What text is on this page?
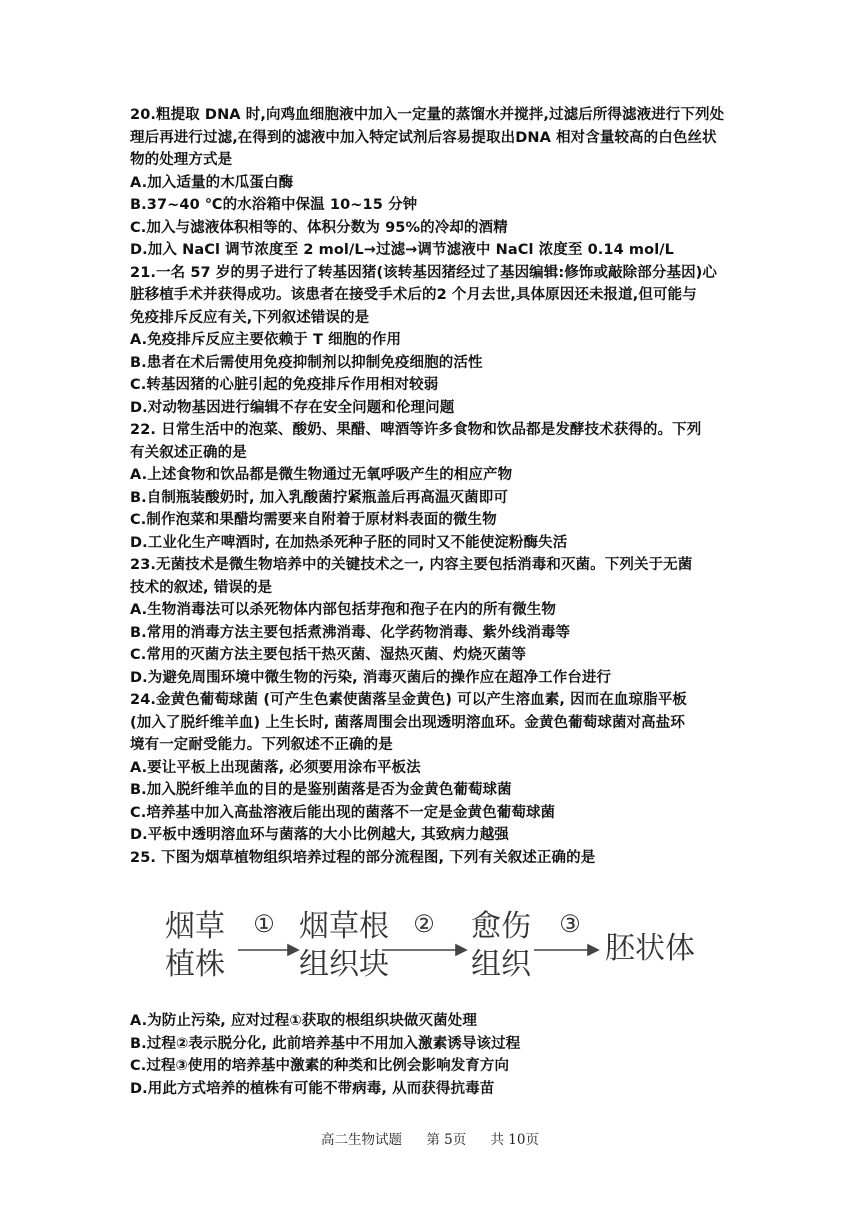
20.粗提取 DNA 时,向鸡血细胞液中加入一定量的蒸馏水并搅拌,过滤后所得滤液进行下列处
理后再进行过滤,在得到的滤液中加入特定试剂后容易提取出DNA 相对含量较高的白色丝状
物的处理方式是
A.加入适量的木瓜蛋白酶
B.37~40 ℃的水浴箱中保温 10~15 分钟
C.加入与滤液体积相等的、体积分数为 95%的冷却的酒精
D.加入 NaCl 调节浓度至 2 mol/L→过滤→调节滤液中 NaCl 浓度至 0.14 mol/L
21.一名 57 岁的男子进行了转基因猪(该转基因猪经过了基因编辑:修饰或敲除部分基因)心
脏移植手术并获得成功。该患者在接受手术后的2 个月去世,具体原因还未报道,但可能与
免疫排斥反应有关,下列叙述错误的是
A.免疫排斥反应主要依赖于 T 细胞的作用
B.患者在术后需使用免疫抑制剂以抑制免疫细胞的活性
C.转基因猪的心脏引起的免疫排斥作用相对较弱
D.对动物基因进行编辑不存在安全问题和伦理问题
22. 日常生活中的泡菜、酸奶、果醋、啤酒等许多食物和饮品都是发酵技术获得的。下列
有关叙述正确的是
A.上述食物和饮品都是微生物通过无氧呼吸产生的相应产物
B.自制瓶装酸奶时, 加入乳酸菌拧紧瓶盖后再高温灭菌即可
C.制作泡菜和果醋均需要来自附着于原材料表面的微生物
D.工业化生产啤酒时, 在加热杀死种子胚的同时又不能使淀粉酶失活
23.无菌技术是微生物培养中的关键技术之一, 内容主要包括消毒和灭菌。下列关于无菌
技术的叙述, 错误的是
A.生物消毒法可以杀死物体内部包括芽孢和孢子在内的所有微生物
B.常用的消毒方法主要包括煮沸消毒、化学药物消毒、紫外线消毒等
C.常用的灭菌方法主要包括干热灭菌、湿热灭菌、灼烧灭菌等
D.为避免周围环境中微生物的污染, 消毒灭菌后的操作应在超净工作台进行
24.金黄色葡萄球菌 (可产生色素使菌落呈金黄色) 可以产生溶血素, 因而在血琼脂平板
(加入了脱纤维羊血) 上生长时, 菌落周围会出现透明溶血环。金黄色葡萄球菌对高盐环
境有一定耐受能力。下列叙述不正确的是
A.要让平板上出现菌落, 必须要用涂布平板法
B.加入脱纤维羊血的目的是鉴别菌落是否为金黄色葡萄球菌
C.培养基中加入高盐溶液后能出现的菌落不一定是金黄色葡萄球菌
D.平板中透明溶血环与菌落的大小比例越大, 其致病力越强
25. 下图为烟草植物组织培养过程的部分流程图, 下列有关叙述正确的是
烟草
植株
① 烟草根
组织块
②	愈伤
组织
③
胚状体
A.为防止污染, 应对过程①获取的根组织块做灭菌处理
B.过程②表示脱分化, 此前培养基中不用加入激素诱导该过程
C.过程③使用的培养基中激素的种类和比例会影响发育方向
D.用此方式培养的植株有可能不带病毒, 从而获得抗毒苗
高二生物试题 第 5页 共 10页
